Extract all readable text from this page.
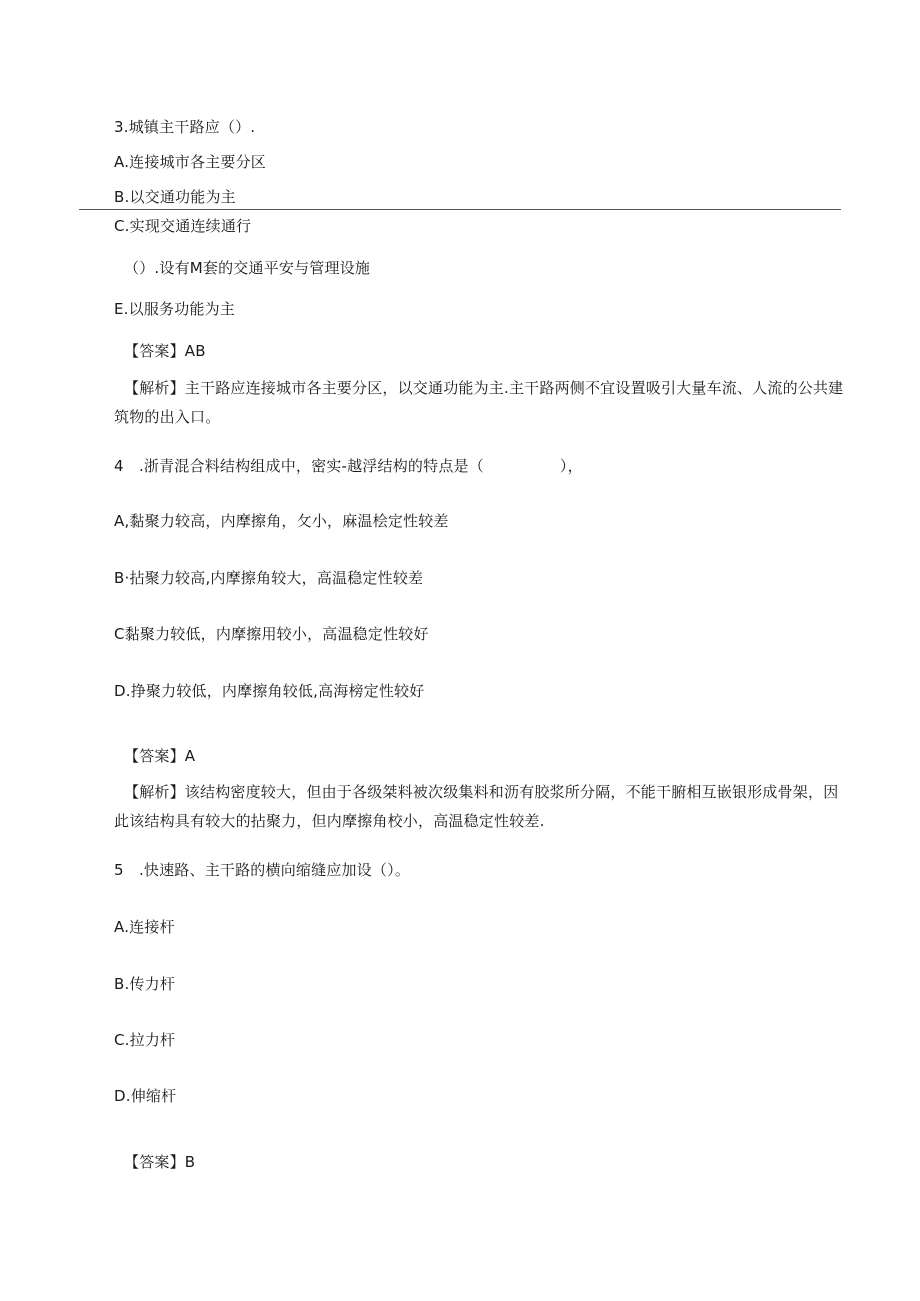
3.城镇主干路应（）.
A.连接城市各主要分区
B.以交通功能为主
C.实现交通连续通行
（）.设有M套的交通平安与管理设施
E.以服务功能为主
【答案】AB
【解析】主干路应连接城市各主要分区，以交通功能为主.主干路两侧不宜设置吸引大量车流、人流的公共建筑物的出入口。
4　.浙青混合料结构组成中，密实-越浮结构的特点是（　　　　　），
A,黏聚力较高，内摩擦角，攵小，麻温桧定性较差
B·拈聚力较高,内摩擦角较大，高温稳定性较差
C黏聚力较低，内摩擦用较小，高温稳定性较好
D.挣聚力较低，内摩擦角较低,高海榜定性较好
【答案】A
【解析】该结构密度较大，但由于各级桀料被次级集料和沥有胶浆所分隔，不能干腑相互嵌银形成骨架，因此该结构具有较大的拈聚力，但内摩擦角校小，高温稳定性较差.
5　.快速路、主干路的横向缩缝应加设（）。
A.连接杆
B.传力杆
C.拉力杆
D.伸缩杆
【答案】B
